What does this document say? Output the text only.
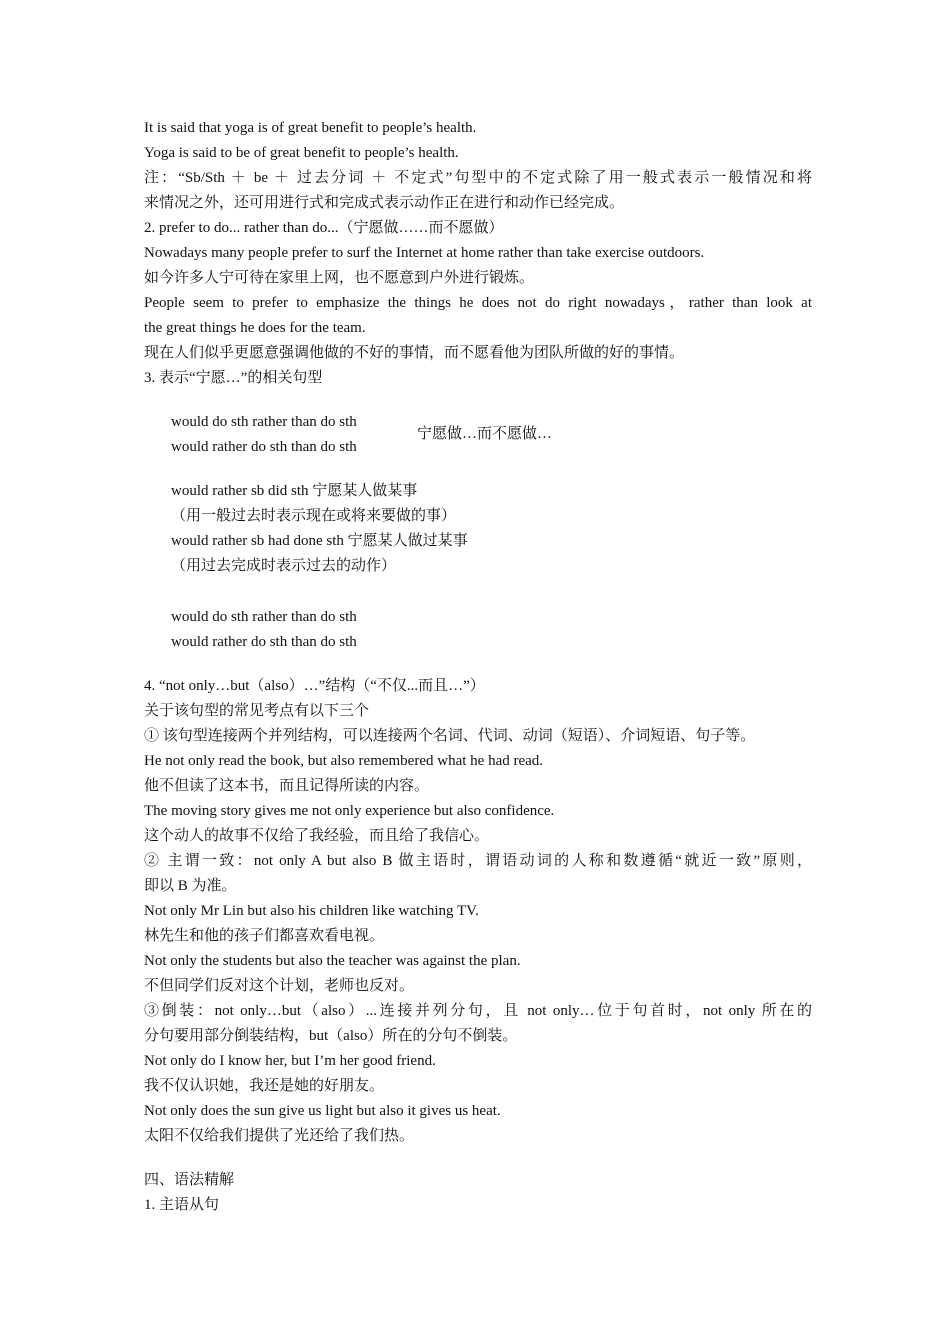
It is said that yoga is of great benefit to people’s health.
Yoga is said to be of great benefit to people’s health.
注：“Sb/Sth ＋ be ＋ 过去分词 ＋ 不定式”句型中的不定式除了用一般式表示一般情况和将
来情况之外，还可用进行式和完成式表示动作正在进行和动作已经完成。
2. prefer to do... rather than do...（宁愿做……而不愿做）
Nowadays many people prefer to surf the Internet at home rather than take exercise outdoors.
如今许多人宁可待在家里上网，也不愿意到户外进行锻炼。
People seem to prefer to emphasize the things he does not do right nowadays，rather than look at
the great things he does for the team.
现在人们似乎更愿意强调他做的不好的事情，而不愿看他为团队所做的好的事情。
3. 表示“宁愿…”的相关句型
would do sth rather than do sth
would rather do sth than do sth
宁愿做…而不愿做…
would rather sb did sth 宁愿某人做某事
（用一般过去时表示现在或将来要做的事）
would rather sb had done sth 宁愿某人做过某事
（用过去完成时表示过去的动作）
would do sth rather than do sth
would rather do sth than do sth
4. “not only…but（also）…”结构（“不仅...而且…”）
关于该句型的常见考点有以下三个
① 该句型连接两个并列结构，可以连接两个名词、代词、动词（短语）、介词短语、句子等。
He not only read the book, but also remembered what he had read.
他不但读了这本书，而且记得所读的内容。
The moving story gives me not only experience but also confidence.
这个动人的故事不仅给了我经验，而且给了我信心。
② 主谓一致：not only A but also B 做主语时，谓语动词的人称和数遵循“就近一致”原则，
即以 B 为准。
Not only Mr Lin but also his children like watching TV.
林先生和他的孩子们都喜欢看电视。
Not only the students but also the teacher was against the plan.
不但同学们反对这个计划，老师也反对。
③倒装：not only…but（also）...连接并列分句，且 not only…位于句首时，not only 所在的
分句要用部分倒装结构，but（also）所在的分句不倒装。
Not only do I know her, but I’m her good friend.
我不仅认识她，我还是她的好朋友。
Not only does the sun give us light but also it gives us heat.
太阳不仅给我们提供了光还给了我们热。
四、语法精解
1. 主语从句
